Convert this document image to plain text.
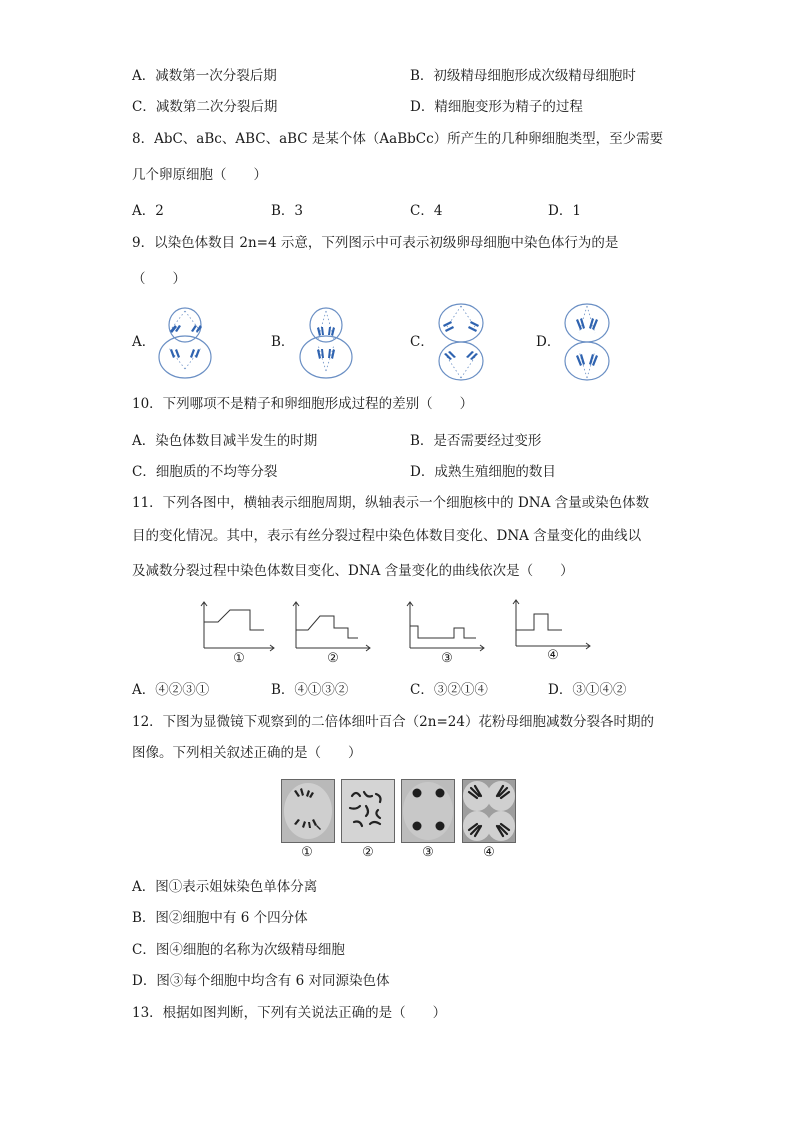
A．减数第一次分裂后期	B．初级精母细胞形成次级精母细胞时
C．减数第二次分裂后期	D．精细胞变形为精子的过程
8．AbC、aBc、ABC、aBC 是某个体（AaBbCc）所产生的几种卵细胞类型，至少需要
几个卵原细胞（　　）
A．2	B．3	C．4	D．1
9．以染色体数目 2n=4 示意，下列图示中可表示初级卵母细胞中染色体行为的是
（　　）
A．	B．	C．	D．
10．下列哪项不是精子和卵细胞形成过程的差别（　　）
A．染色体数目减半发生的时期	B．是否需要经过变形
C．细胞质的不均等分裂	D．成熟生殖细胞的数目
11．下列各图中，横轴表示细胞周期，纵轴表示一个细胞核中的 DNA 含量或染色体数
目的变化情况。其中，表示有丝分裂过程中染色体数目变化、DNA 含量变化的曲线以
及减数分裂过程中染色体数目变化、DNA 含量变化的曲线依次是（　　）
①	②	③	④
A．④②③①	B．④①③②	C．③②①④	D．③①④②
12．下图为显微镜下观察到的二倍体细叶百合（2n=24）花粉母细胞减数分裂各时期的
图像。下列相关叙述正确的是（　　）
①	②	③	④
A．图①表示姐妹染色单体分离
B．图②细胞中有 6 个四分体
C．图④细胞的名称为次级精母细胞
D．图③每个细胞中均含有 6 对同源染色体
13．根据如图判断，下列有关说法正确的是（　　）
